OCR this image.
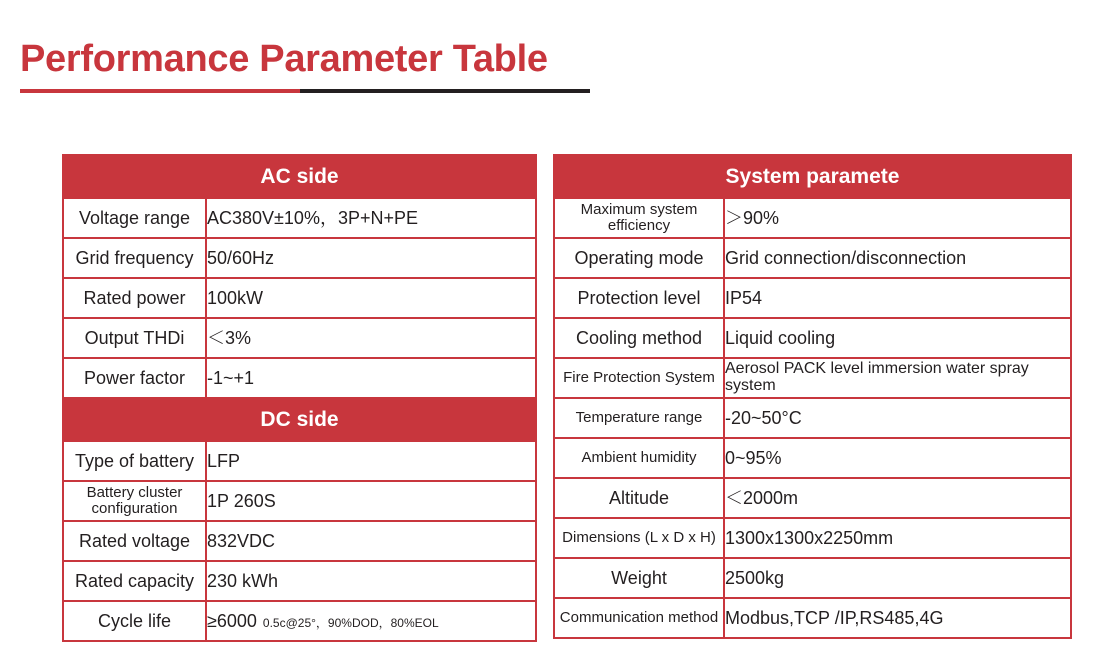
Performance Parameter Table
AC side	
Voltage range	AC380V±10%，3P+N+PE
Grid frequency	50/60Hz
Rated power	100kW
Output THDi	＜3%
Power factor	-1~+1
DC side	
Type of battery	LFP
Battery cluster configuration	1P 260S
Rated voltage	832VDC
Rated capacity	230 kWh
Cycle life	≥6000 0.5c@25°，90%DOD，80%EOL
System paramete	
Maximum system efficiency	＞90%
Operating mode	Grid connection/disconnection
Protection level	IP54
Cooling method	Liquid cooling
Fire Protection System	Aerosol PACK level immersion water spray system
Temperature range	-20~50°C
Ambient humidity	0~95%
Altitude	＜2000m
Dimensions (L x D x H)	1300x1300x2250mm
Weight	2500kg
Communication method	Modbus,TCP /IP,RS485,4G
